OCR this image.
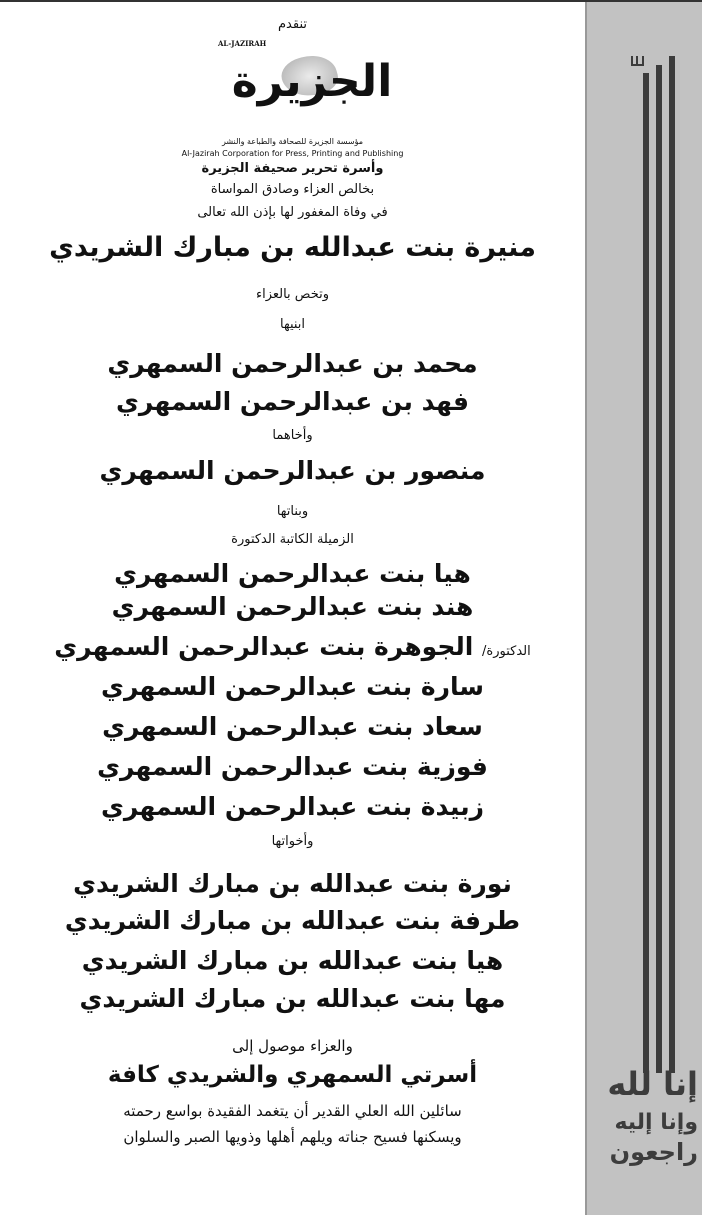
تنقدم
AL-JAZIRAH
الجزيرة
مؤسسة الجزيرة للصحافة والطباعة والنشر
Al-Jazirah Corporation for Press, Printing and Publishing
وأسرة تحرير صحيفة الجزيرة
بخالص العزاء وصادق المواساة
في وفاة المغفور لها بإذن الله تعالى
منيرة بنت عبدالله بن مبارك الشريدي
وتخص بالعزاء
ابنيها
محمد بن عبدالرحمن السمهري
فهد بن عبدالرحمن السمهري
وأخاهما
منصور بن عبدالرحمن السمهري
وبناتها
الزميلة الكاتبة الدكتورة
هيا بنت عبدالرحمن السمهري
هند بنت عبدالرحمن السمهري
الدكتورة/ الجوهرة بنت عبدالرحمن السمهري
سارة بنت عبدالرحمن السمهري
سعاد بنت عبدالرحمن السمهري
فوزية بنت عبدالرحمن السمهري
زبيدة بنت عبدالرحمن السمهري
وأخواتها
نورة بنت عبدالله بن مبارك الشريدي
طرفة بنت عبدالله بن مبارك الشريدي
هيا بنت عبدالله بن مبارك الشريدي
مها بنت عبدالله بن مبارك الشريدي
والعزاء موصول إلى
أسرتي السمهري والشريدي كافة
سائلين الله العلي القدير أن يتغمد الفقيدة بواسع رحمته
ويسكنها فسيح جناته ويلهم أهلها وذويها الصبر والسلوان
إنا لله
وإنا إليه
راجعون
